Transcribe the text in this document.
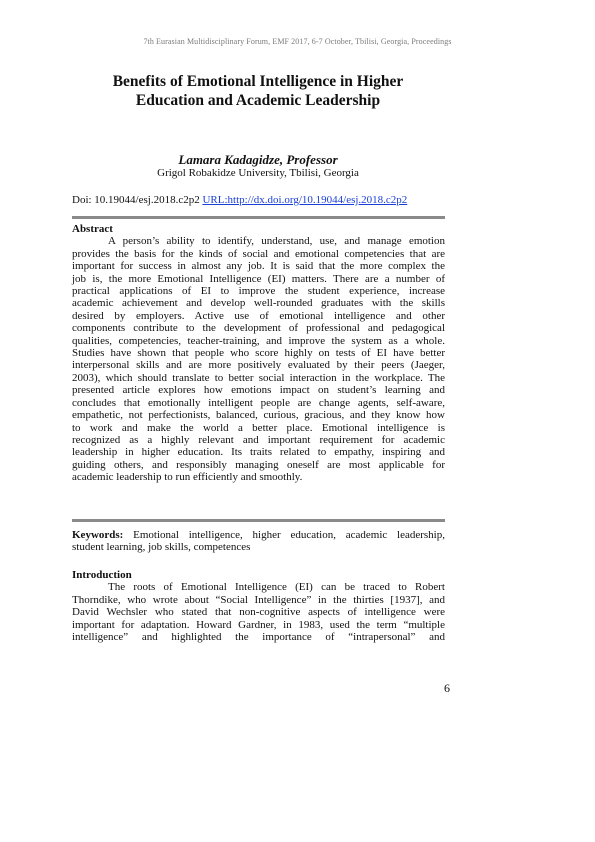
7th Eurasian Multidisciplinary Forum, EMF 2017, 6-7 October, Tbilisi, Georgia, Proceedings
Benefits of Emotional Intelligence in Higher
Education and Academic Leadership
Lamara Kadagidze, Professor
Grigol Robakidze University, Tbilisi, Georgia
Doi: 10.19044/esj.2018.c2p2 URL:http://dx.doi.org/10.19044/esj.2018.c2p2
Abstract
A person’s ability to identify, understand, use, and manage emotion
provides the basis for the kinds of social and emotional competencies that are
important for success in almost any job. It is said that the more complex the
job is, the more Emotional Intelligence (EI) matters. There are a number of
practical applications of EI to improve the student experience, increase
academic achievement and develop well-rounded graduates with the skills
desired by employers. Active use of emotional intelligence and other
components contribute to the development of professional and pedagogical
qualities, competencies, teacher-training, and improve the system as a whole.
Studies have shown that people who score highly on tests of EI have better
interpersonal skills and are more positively evaluated by their peers (Jaeger,
2003), which should translate to better social interaction in the workplace. The
presented article explores how emotions impact on student’s learning and
concludes that emotionally intelligent people are change agents, self-aware,
empathetic, not perfectionists, balanced, curious, gracious, and they know how
to work and make the world a better place. Emotional intelligence is
recognized as a highly relevant and important requirement for academic
leadership in higher education. Its traits related to empathy, inspiring and
guiding others, and responsibly managing oneself are most applicable for
academic leadership to run efficiently and smoothly.
Keywords: Emotional intelligence, higher education, academic leadership,
student learning, job skills, competences
Introduction
The roots of Emotional Intelligence (EI) can be traced to Robert
Thorndike, who wrote about “Social Intelligence” in the thirties [1937], and
David Wechsler who stated that non-cognitive aspects of intelligence were
important for adaptation. Howard Gardner, in 1983, used the term “multiple
intelligence” and highlighted the importance of “intrapersonal” and
6
